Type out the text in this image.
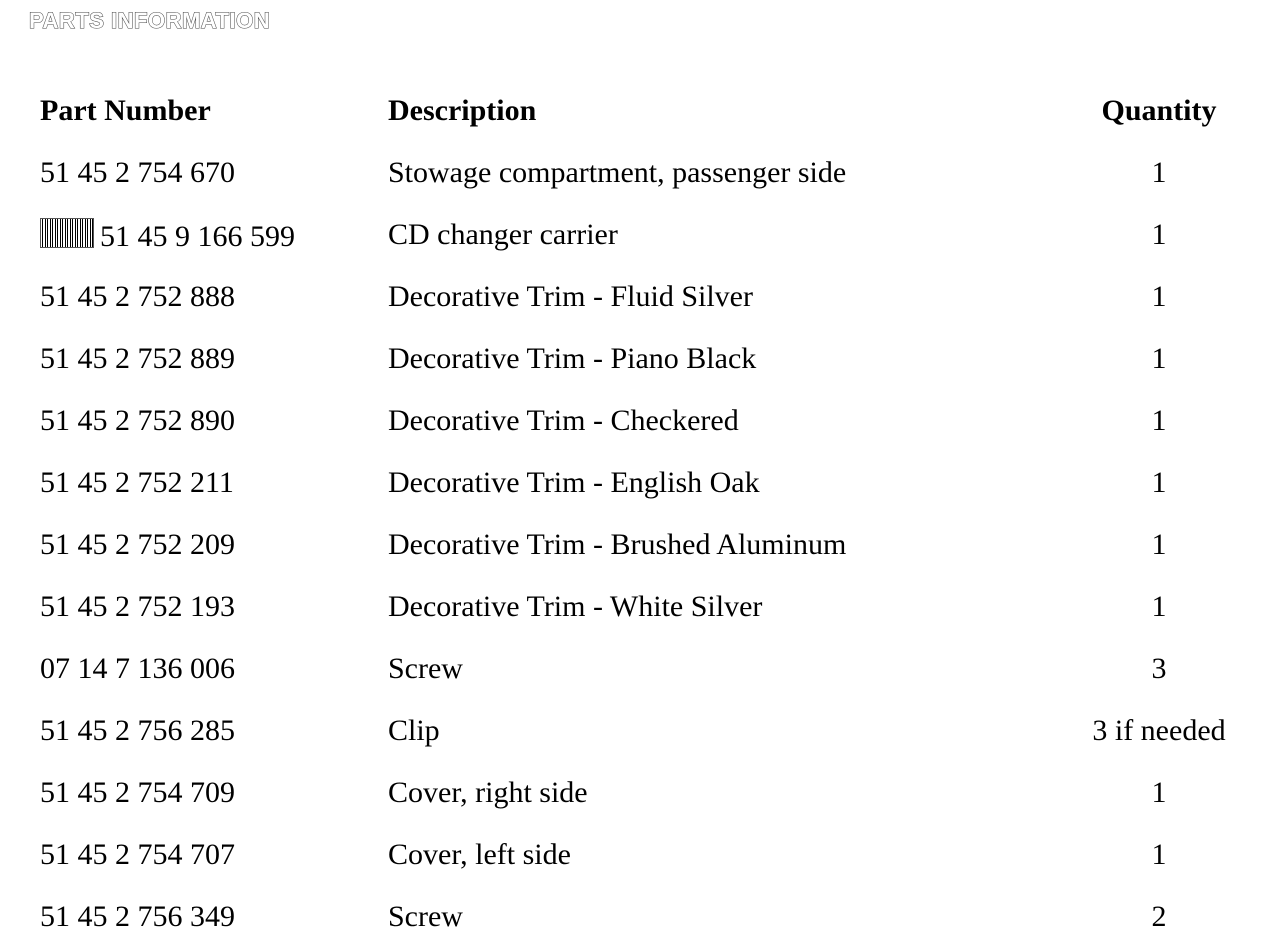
PARTS INFORMATION
Part Number	Description	Quantity
51 45 2 754 670	Stowage compartment, passenger side	1
51 45 9 166 599	CD changer carrier	1
51 45 2 752 888	Decorative Trim - Fluid Silver	1
51 45 2 752 889	Decorative Trim - Piano Black	1
51 45 2 752 890	Decorative Trim - Checkered	1
51 45 2 752 211	Decorative Trim - English Oak	1
51 45 2 752 209	Decorative Trim - Brushed Aluminum	1
51 45 2 752 193	Decorative Trim - White Silver	1
07 14 7 136 006	Screw	3
51 45 2 756 285	Clip	3 if needed
51 45 2 754 709	Cover, right side	1
51 45 2 754 707	Cover, left side	1
51 45 2 756 349	Screw	2
